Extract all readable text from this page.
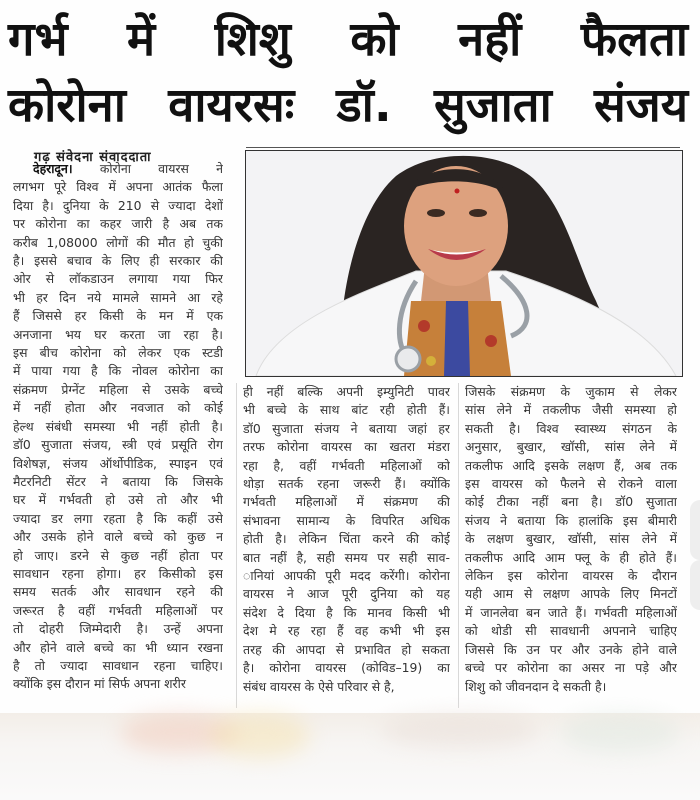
गर्भ में शिशु को नहीं फैलता
कोरोना वायरसः डॉ. सुजाता संजय
गढ़ संवेदना संवाददाता
देहरादून। कोरोना वायरस ने
लगभग पूरे विश्व में अपना आतंक फैला
दिया है। दुनिया के 210 से ज्यादा देशों
पर कोरोना का कहर जारी है अब तक
करीब 1,08000 लोगों की मौत हो चुकी
है। इससे बचाव के लिए ही सरकार की
ओर से लॉकडाउन लगाया गया फिर
भी हर दिन नये मामले सामने आ रहे
हैं जिससे हर किसी के मन में एक
अनजाना भय घर करता जा रहा है।
इस बीच कोरोना को लेकर एक स्टडी
में पाया गया है कि नोवल कोरोना का
संक्रमण प्रेग्नेंट महिला से उसके बच्चे
में नहीं होता और नवजात को कोई
हेल्थ संबंधी समस्या भी नहीं होती है।
डॉ0 सुजाता संजय, स्त्री एवं प्रसूति रोग
विशेषज्ञ, संजय ऑर्थोपीडिक, स्पाइन एवं
मैटरनिटी सेंटर ने बताया कि जिसके
घर में गर्भवती हो उसे तो और भी
ज्यादा डर लगा रहता है कि कहीं उसे
और उसके होने वाले बच्चे को कुछ न
हो जाए। डरने से कुछ नहीं होता पर
सावधान रहना होगा। हर किसीको इस
समय सतर्क और सावधान रहने की
जरूरत है वहीं गर्भवती महिलाओं पर
तो दोहरी जिम्मेदारी है। उन्हें अपना
और होने वाले बच्चे का भी ध्यान रखना
है तो ज्यादा सावधान रहना चाहिए।
क्योंकि इस दौरान मां सिर्फ अपना शरीर
ही नहीं बल्कि अपनी इम्युनिटी पावर
भी बच्चे के साथ बांट रही होती हैं।
डॉ0 सुजाता संजय ने बताया जहां हर
तरफ कोरोना वायरस का खतरा मंडरा
रहा है, वहीं गर्भवती महिलाओं को
थोड़ा सतर्क रहना जरूरी हैं। क्योंकि
गर्भवती महिलाओं में संक्रमण की
संभावना सामान्य के विपरित अधिक
होती है। लेकिन चिंता करने की कोई
बात नहीं है, सही समय पर सही साव-
ानियां आपकी पूरी मदद करेंगी। कोरोना
वायरस ने आज पूरी दुनिया को यह
संदेश दे दिया है कि मानव किसी भी
देश मे रह रहा हैं वह कभी भी इस
तरह की आपदा से प्रभावित हो सकता
है। कोरोना वायरस (कोविड–19) का
संबंध वायरस के ऐसे परिवार से है,
जिसके संक्रमण के जुकाम से लेकर
सांस लेने में तकलीफ जैसी समस्या हो
सकती है। विश्व स्वास्थ्य संगठन के
अनुसार, बुखार, खॉसी, सांस लेने में
तकलीफ आदि इसके लक्षण हैं, अब तक
इस वायरस को फैलने से रोकने वाला
कोई टीका नहीं बना है। डॉ0 सुजाता
संजय ने बताया कि हालांकि इस बीमारी
के लक्षण बुखार, खॉसी, सांस लेने में
तकलीफ आदि आम फ्लू के ही होते हैं।
लेकिन इस कोरोना वायरस के दौरान
यही आम से लक्षण आपके लिए मिनटों
में जानलेवा बन जाते हैं। गर्भवती महिलाओं
को थोडी सी सावधानी अपनाने चाहिए
जिससे कि उन पर और उनके होने वाले
बच्चे पर कोरोना का असर ना पड़े और
शिशु को जीवनदान दे सकती है।
